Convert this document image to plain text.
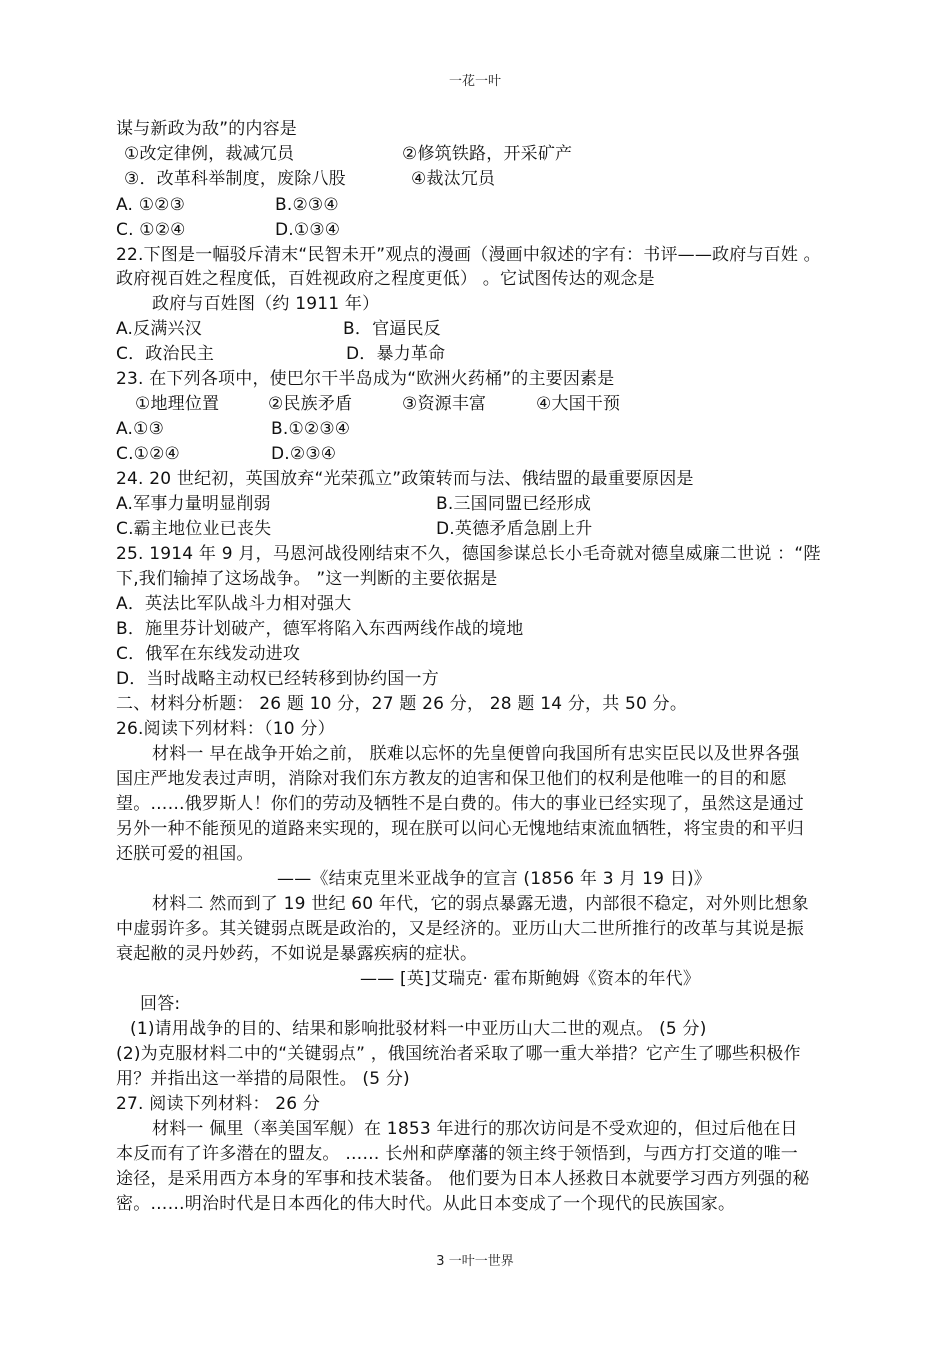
一花一叶
谋与新政为敌”的内容是
①改定律例，裁减冗员	②修筑铁路，开采矿产
③．改革科举制度，废除八股	④裁汰冗员
A. ①②③	B.②③④
C. ①②④	D.①③④
22.下图是一幅驳斥清末“民智未开”观点的漫画（漫画中叙述的字有：书评——政府与百姓 。
政府视百姓之程度低，百姓视政府之程度更低） 。它试图传达的观念是
政府与百姓图（约 1911 年）
A.反满兴汉	B．官逼民反
C．政治民主	D．暴力革命
23. 在下列各项中，使巴尔干半岛成为“欧洲火药桶”的主要因素是
①地理位置	②民族矛盾	③资源丰富	④大国干预
A.①③	B.①②③④
C.①②④	D.②③④
24. 20 世纪初，英国放弃“光荣孤立”政策转而与法、俄结盟的最重要原因是
A.军事力量明显削弱	B.三国同盟已经形成
C.霸主地位业已丧失	D.英德矛盾急剧上升
25. 1914 年 9 月，马恩河战役刚结束不久，德国参谋总长小毛奇就对德皇威廉二世说 ：“陛
下,我们输掉了这场战争。 ”这一判断的主要依据是
A．英法比军队战斗力相对强大
B．施里芬计划破产，德军将陷入东西两线作战的境地
C．俄军在东线发动进攻
D．当时战略主动权已经转移到协约国一方
二、材料分析题： 26 题 10 分，27 题 26 分， 28 题 14 分，共 50 分。
26.阅读下列材料：（10 分）
材料一 早在战争开始之前， 朕难以忘怀的先皇便曾向我国所有忠实臣民以及世界各强
国庄严地发表过声明，消除对我们东方教友的迫害和保卫他们的权利是他唯一的目的和愿
望。……俄罗斯人！你们的劳动及牺牲不是白费的。伟大的事业已经实现了，虽然这是通过
另外一种不能预见的道路来实现的，现在朕可以问心无愧地结束流血牺牲，将宝贵的和平归
还朕可爱的祖国。
——《结束克里米亚战争的宣言 (1856 年 3 月 19 日)》
材料二 然而到了 19 世纪 60 年代，它的弱点暴露无遗，内部很不稳定，对外则比想象
中虚弱许多。其关键弱点既是政治的，又是经济的。亚历山大二世所推行的改革与其说是振
衰起敝的灵丹妙药，不如说是暴露疾病的症状。
—— [英]艾瑞克· 霍布斯鲍姆《资本的年代》
回答:
(1)请用战争的目的、结果和影响批驳材料一中亚历山大二世的观点。 (5 分)
(2)为克服材料二中的“关键弱点” ，俄国统治者采取了哪一重大举措？它产生了哪些积极作
用？并指出这一举措的局限性。 (5 分)
27. 阅读下列材料： 26 分
材料一 佩里（率美国军舰）在 1853 年进行的那次访问是不受欢迎的，但过后他在日
本反而有了许多潜在的盟友。 …… 长州和萨摩藩的领主终于领悟到，与西方打交道的唯一
途径，是采用西方本身的军事和技术装备。 他们要为日本人拯救日本就要学习西方列强的秘
密。……明治时代是日本西化的伟大时代。从此日本变成了一个现代的民族国家。
3 一叶一世界
